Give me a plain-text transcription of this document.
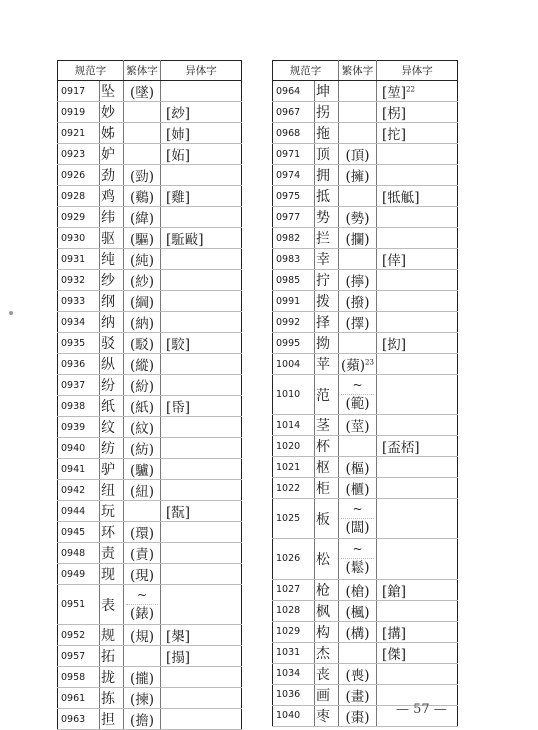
规范字		繁体字	异体字
0917	坠	(墜)	
0919	妙		[玅]
0921	姊		[姉]
0923	妒		[妬]
0926	劲	(勁)	
0928	鸡	(鷄)	[雞]
0929	纬	(緯)	
0930	驱	(驅)	[駈敺]
0931	纯	(純)	
0932	纱	(紗)	
0933	纲	(綱)	
0934	纳	(納)	
0935	驳	(駁)	[駮]
0936	纵	(縱)	
0937	纷	(紛)	
0938	纸	(紙)	[帋]
0939	纹	(紋)	
0940	纺	(紡)	
0941	驴	(驢)	
0942	纽	(紐)	
0944	玩		[翫]
0945	环	(環)	
0948	责	(責)	
0949	现	(現)	
0951	表	~
(錶)	

0952	规	(規)	[槼]
0957	拓		[搨]
0958	拢	(攏)	
0961	拣	(揀)	
0963	担	(擔)	
规范字		繁体字	异体字
0964	坤		[堃]$^{22}$
0967	拐		[柺]
0968	拖		[拕]
0971	顶	(頂)	
0974	拥	(擁)	
0975	抵		[牴觝]
0977	势	(勢)	
0982	拦	(攔)	
0983	幸		[倖]
0985	拧	(擰)	
0991	拨	(撥)	
0992	择	(擇)	
0995	拗		[抝]
1004	苹	(蘋)$^{23}$	
1010	范	~
(範)	

1014	茎	(莖)	
1020	杯		[盃桮]
1021	枢	(樞)	
1022	柜	(櫃)	
1025	板	~
(闆)	

1026	松	~
(鬆)	

1027	枪	(槍)	[鎗]
1028	枫	(楓)	
1029	构	(構)	[搆]
1031	杰		[傑]
1034	丧	(喪)	
1036	画	(畫)	
1040	枣	(棗)	
— 57 —
